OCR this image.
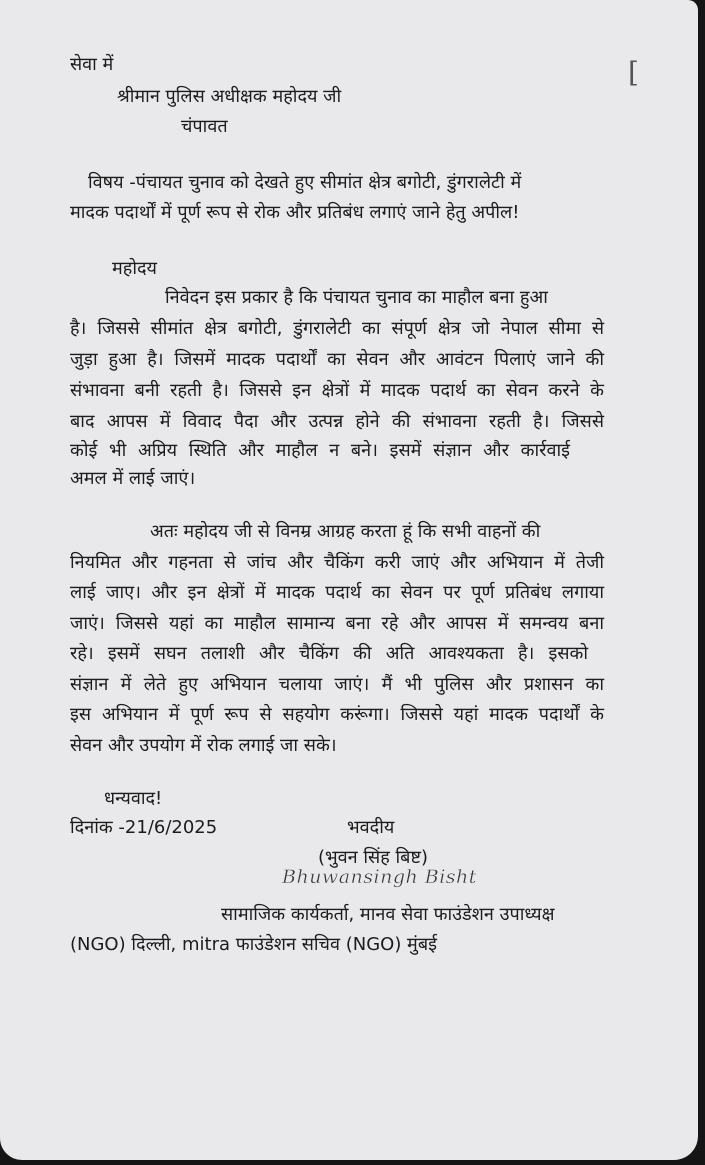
[
सेवा में
श्रीमान पुलिस अधीक्षक महोदय जी
चंपावत
विषय -पंचायत चुनाव को देखते हुए सीमांत क्षेत्र बगोटी, डुंगरालेटी में
मादक पदार्थों में पूर्ण रूप से रोक और प्रतिबंध लगाएं जाने हेतु अपील!
महोदय
निवेदन इस प्रकार है कि पंचायत चुनाव का माहौल बना हुआ
है। जिससे सीमांत क्षेत्र बगोटी, डुंगरालेटी का संपूर्ण क्षेत्र जो नेपाल सीमा से
जुड़ा हुआ है। जिसमें मादक पदार्थों का सेवन और आवंटन पिलाएं जाने की
संभावना बनी रहती है। जिससे इन क्षेत्रों में मादक पदार्थ का सेवन करने के
बाद आपस में विवाद पैदा और उत्पन्न होने की संभावना रहती है। जिससे
कोई भी अप्रिय स्थिति और माहौल न बने। इसमें संज्ञान और कार्रवाई
अमल में लाई जाएं।
अतः महोदय जी से विनम्र आग्रह करता हूं कि सभी वाहनों की
नियमित और गहनता से जांच और चैकिंग करी जाएं और अभियान में तेजी
लाई जाए। और इन क्षेत्रों में मादक पदार्थ का सेवन पर पूर्ण प्रतिबंध लगाया
जाएं। जिससे यहां का माहौल सामान्य बना रहे और आपस में समन्वय बना
रहे। इसमें सघन तलाशी और चैकिंग की अति आवश्यकता है। इसको
संज्ञान में लेते हुए अभियान चलाया जाएं। मैं भी पुलिस और प्रशासन का
इस अभियान में पूर्ण रूप से सहयोग करूंगा। जिससे यहां मादक पदार्थों के
सेवन और उपयोग में रोक लगाई जा सके।
धन्यवाद!
दिनांक -21/6/2025	भवदीय
(भुवन सिंह बिष्ट)
Bhuwansingh Bisht
सामाजिक कार्यकर्ता, मानव सेवा फाउंडेशन उपाध्यक्ष
(NGO) दिल्ली, mitra फाउंडेशन सचिव (NGO) मुंबई
